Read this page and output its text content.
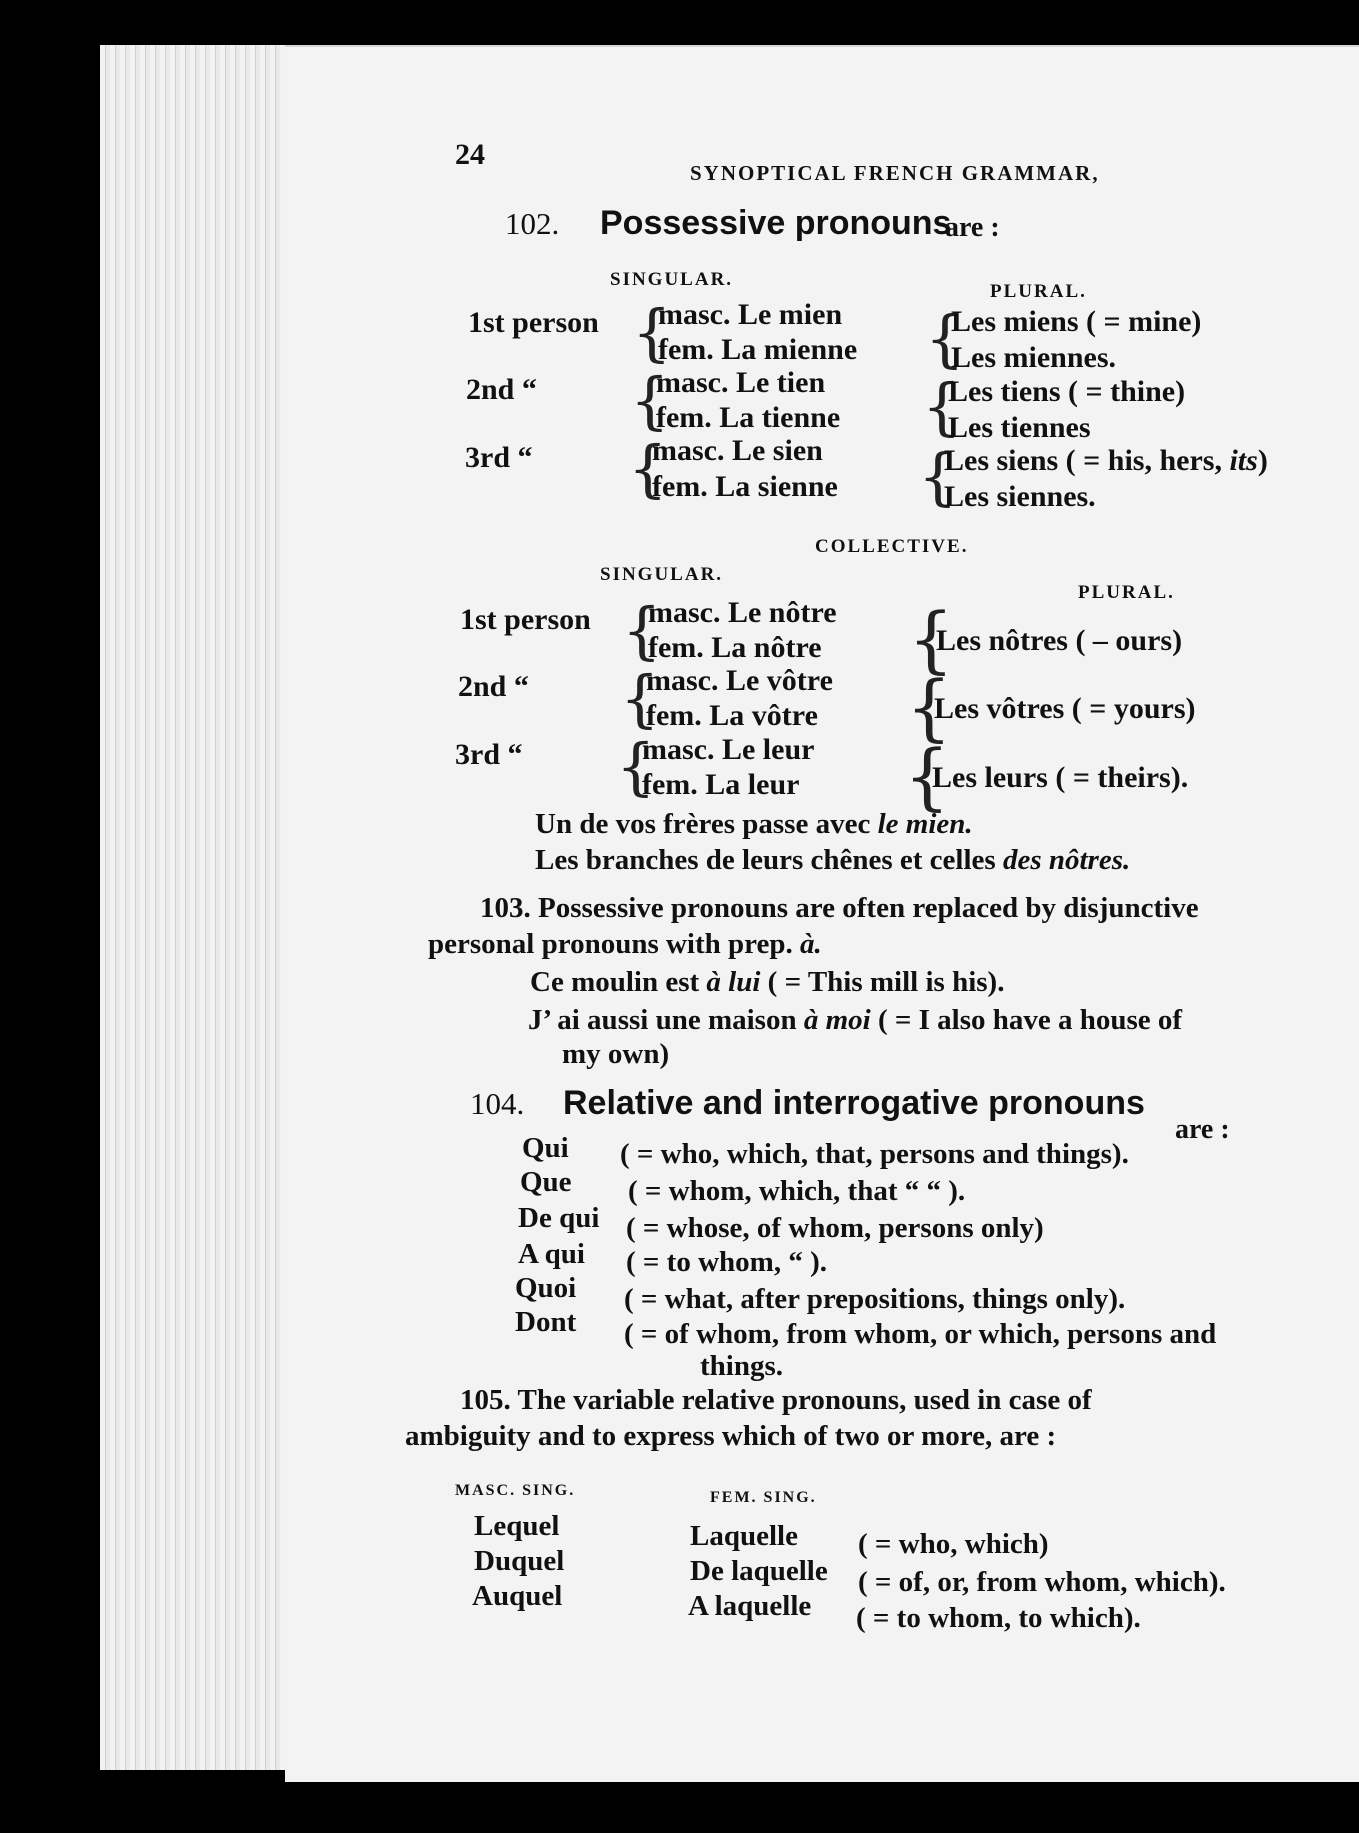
24
SYNOPTICAL FRENCH GRAMMAR,
102. Possessive pronouns
are :
SINGULAR.
PLURAL.
1st person {
masc. Le mien
fem. La mienne {
Les miens ( = mine)
Les miennes.
2nd “ {
masc. Le tien
fem. La tienne {
Les tiens ( = thine)
Les tiennes
3rd “ {
masc. Le sien
fem. La sienne {
Les siens ( = his, hers, its)
Les siennes.
COLLECTIVE.
SINGULAR.
PLURAL.
1st person {
masc. Le nôtre
fem. La nôtre {
Les nôtres ( – ours)
2nd “ {
masc. Le vôtre
fem. La vôtre {
Les vôtres ( = yours)
3rd “ {
masc. Le leur
fem. La leur {
Les leurs ( = theirs).
Un de vos frères passe avec le mien.
Les branches de leurs chênes et celles des nôtres.
103. Possessive pronouns are often replaced by disjunctive
personal pronouns with prep. à.
Ce moulin est à lui ( = This mill is his).
J’ ai aussi une maison à moi ( = I also have a house of
my own)
104. Relative and interrogative pronouns
are :
Qui ( = who, which, that, persons and things).
Que ( = whom, which, that “ “ ).
De qui ( = whose, of whom, persons only)
A qui ( = to whom, “ ).
Quoi ( = what, after prepositions, things only).
Dont ( = of whom, from whom, or which, persons and
things.
105. The variable relative pronouns, used in case of
ambiguity and to express which of two or more, are :
MASC. SING.	FEM. SING.
Lequel
Duquel
Auquel
Laquelle ( = who, which)
De laquelle ( = of, or, from whom, which).
A laquelle ( = to whom, to which).
